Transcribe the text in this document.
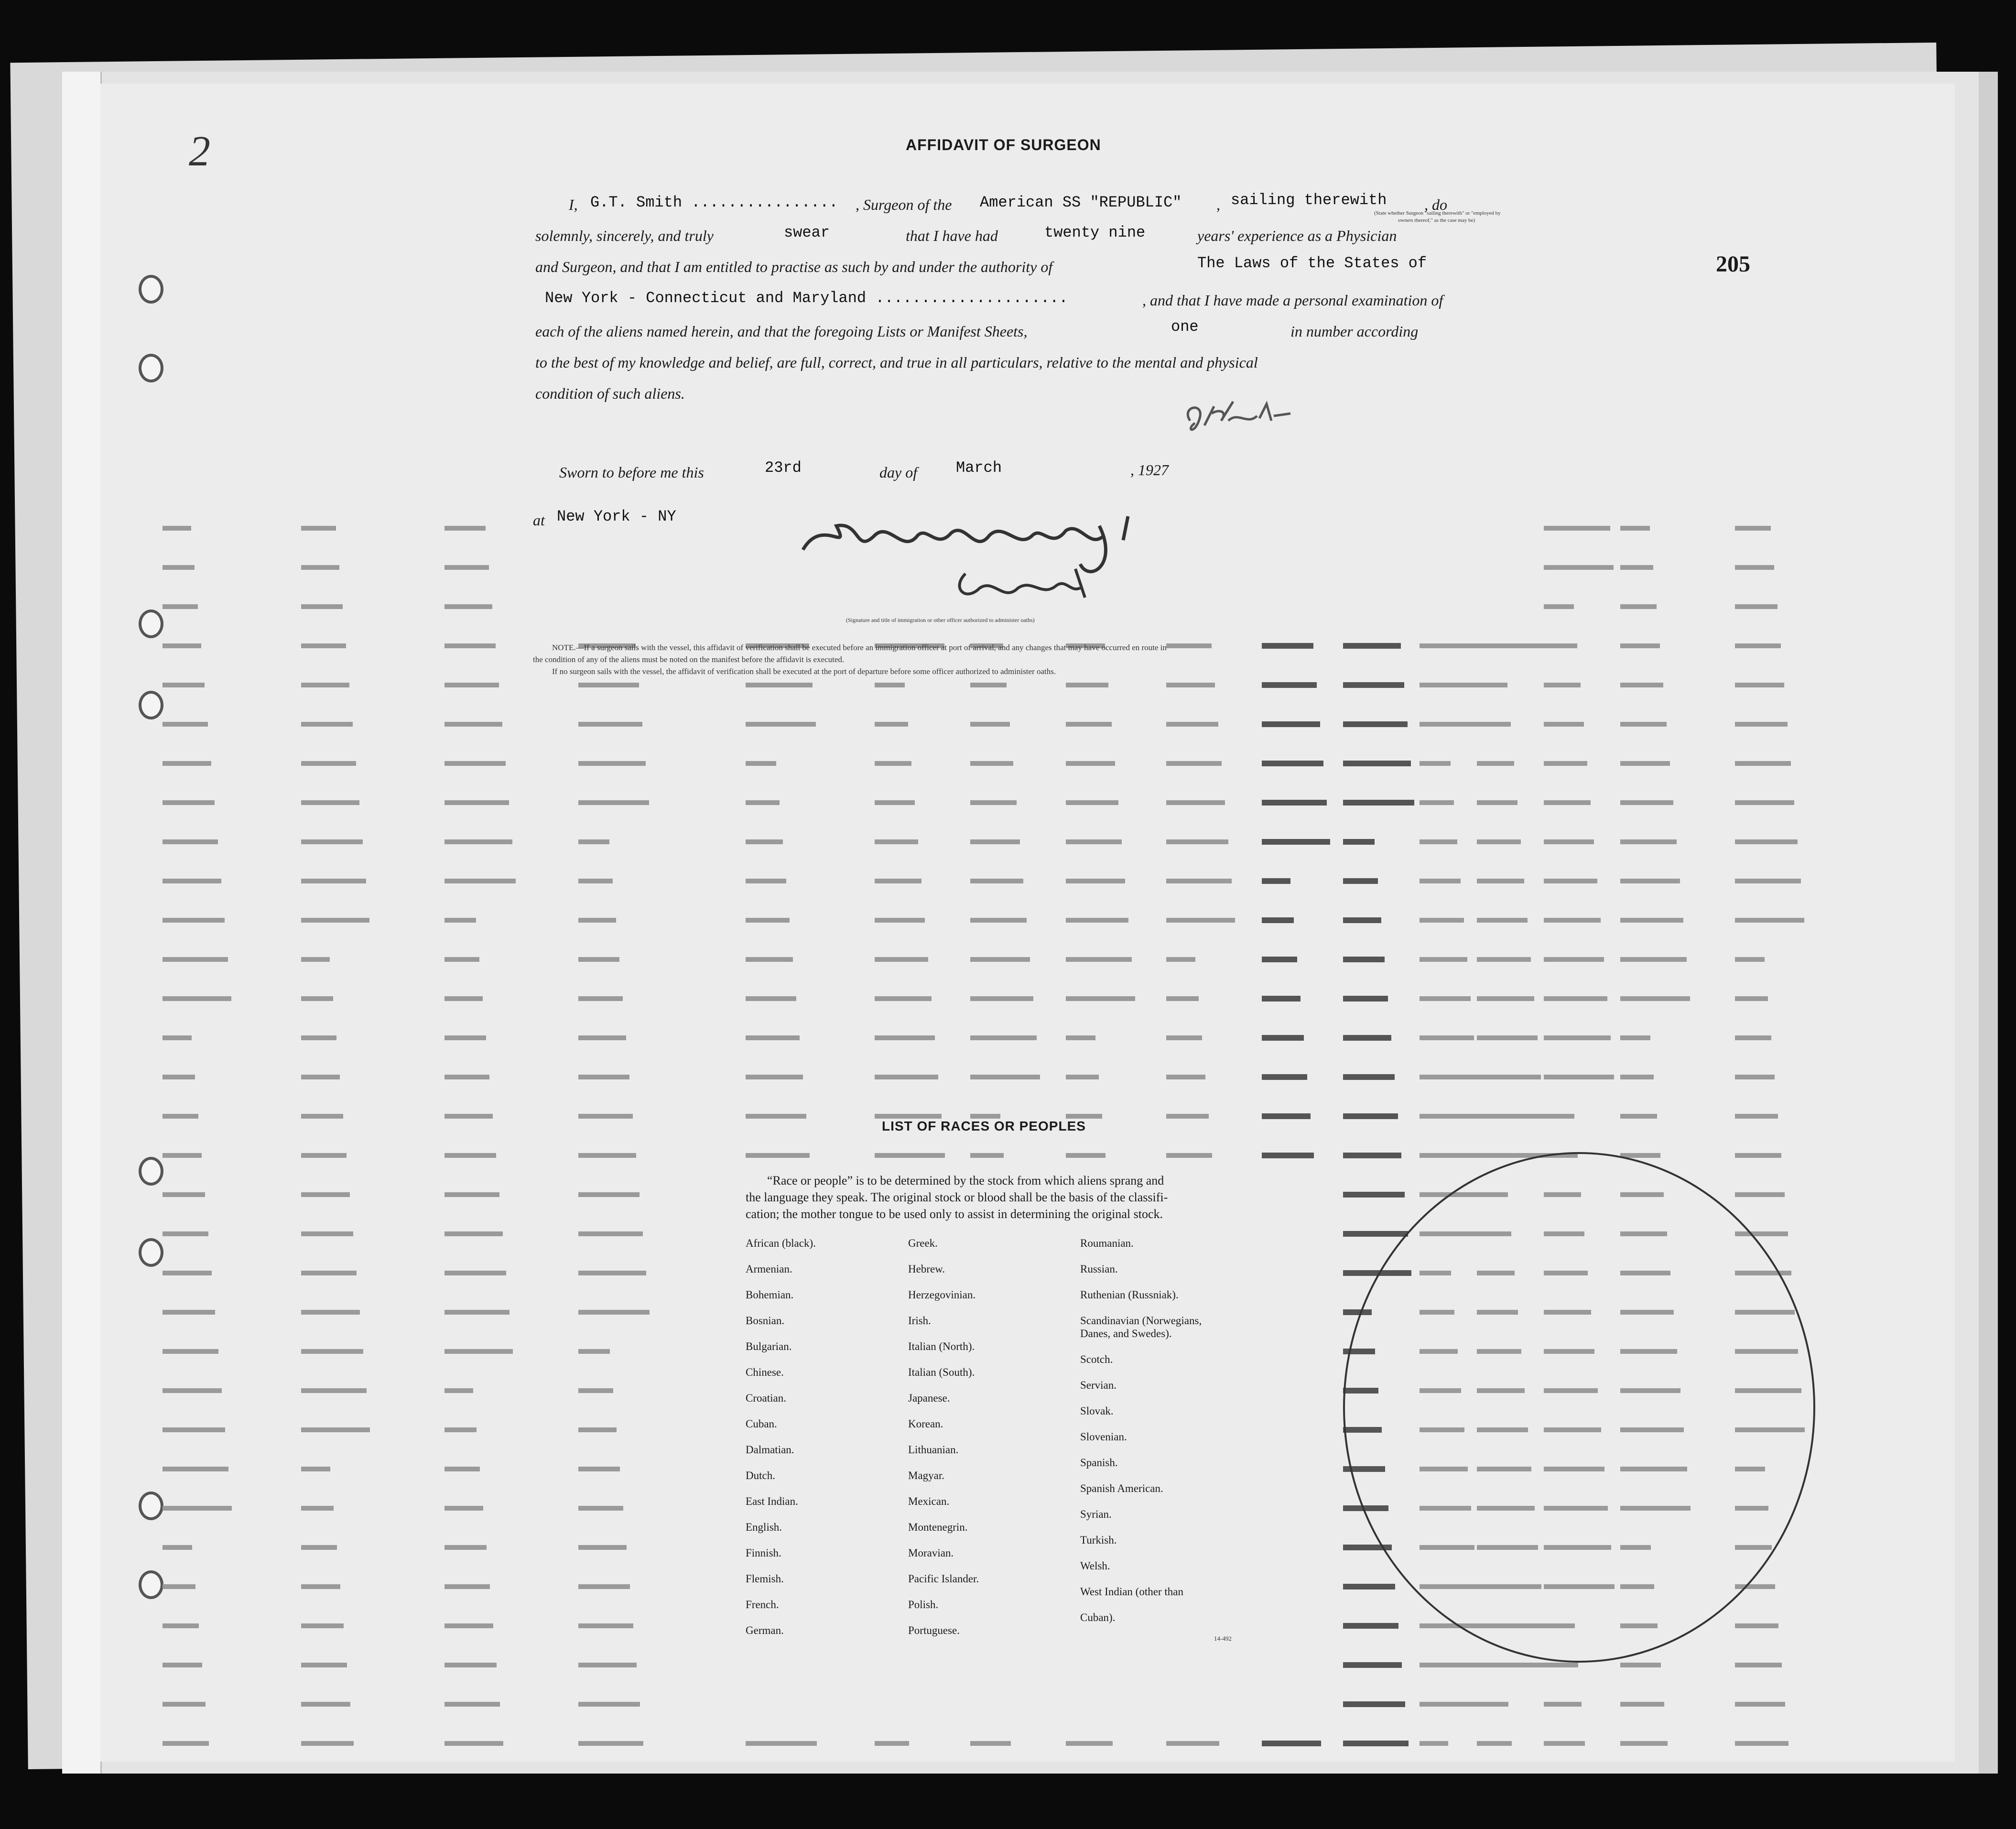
2
205
AFFIDAVIT OF SURGEON
I, G.T. Smith ................ , Surgeon of the American SS "REPUBLIC" , sailing therewith
(State whether Surgeon "sailing therewith" or "employed by
owners thereof," as the case may be)
, do
solemnly, sincerely, and truly	swear	that I have had	twenty nine	years' experience as a Physician
and Surgeon, and that I am entitled to practise as such by and under the authority of	The Laws of the States of
New York - Connecticut and Maryland .....................	, and that I have made a personal examination of
each of the aliens named herein, and that the foregoing Lists or Manifest Sheets,	one	in number according
to the best of my knowledge and belief, are full, correct, and true in all particulars, relative to the mental and physical
condition of such aliens.
Sworn to before me this	23rd	day of	March	, 1927
at New York - NY
(Signature and title of immigration or other officer authorized to administer oaths)
NOTE.—If a surgeon sails with the vessel, this affidavit of verification shall be executed before an immigration officer at port of arrival, and any changes that may have occurred en route in
the condition of any of the aliens must be noted on the manifest before the affidavit is executed.
If no surgeon sails with the vessel, the affidavit of verification shall be executed at the port of departure before some officer authorized to administer oaths.
LIST OF RACES OR PEOPLES
“Race or people” is to be determined by the stock from which aliens sprang and
the language they speak. The original stock or blood shall be the basis of the classifi-
cation; the mother tongue to be used only to assist in determining the original stock.
African (black).
Armenian.
Bohemian.
Bosnian.
Bulgarian.
Chinese.
Croatian.
Cuban.
Dalmatian.
Dutch.
East Indian.
English.
Finnish.
Flemish.
French.
German.
Greek.
Hebrew.
Herzegovinian.
Irish.
Italian (North).
Italian (South).
Japanese.
Korean.
Lithuanian.
Magyar.
Mexican.
Montenegrin.
Moravian.
Pacific Islander.
Polish.
Portuguese.
Roumanian.
Russian.
Ruthenian (Russniak).
Scandinavian (Norwegians,
Danes, and Swedes).
Scotch.
Servian.
Slovak.
Slovenian.
Spanish.
Spanish American.
Syrian.
Turkish.
Welsh.
West Indian (other than
Cuban).
14-492
